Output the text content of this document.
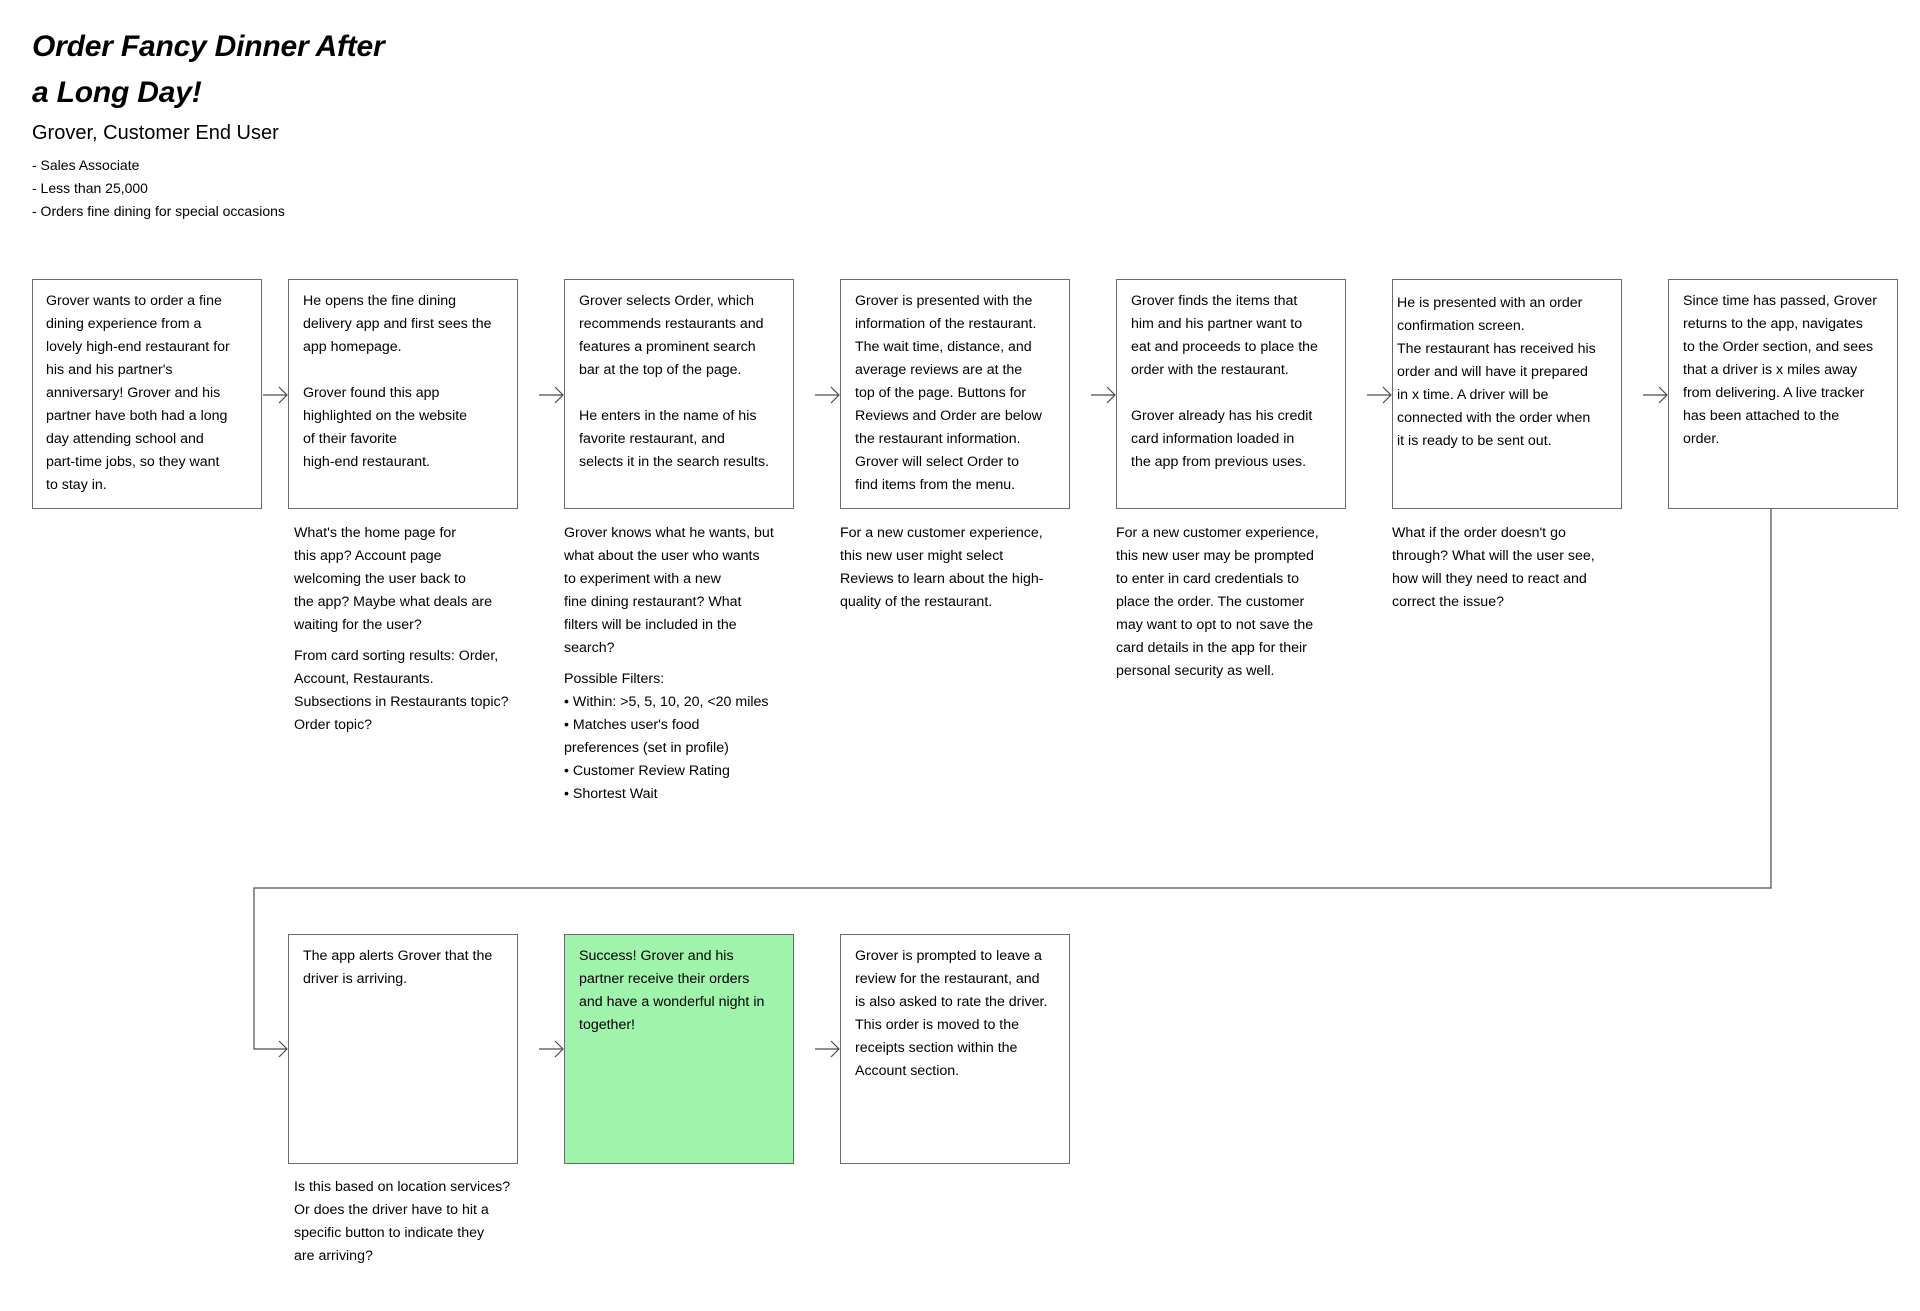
Order Fancy Dinner After
a Long Day!
Grover, Customer End User
- Sales Associate
- Less than 25,000
- Orders fine dining for special occasions
Grover wants to order a fine
dining experience from a
lovely high-end restaurant for
his and his partner's
anniversary! Grover and his
partner have both had a long
day attending school and
part-time jobs, so they want
to stay in.
He opens the fine dining
delivery app and first sees the
app homepage.

Grover found this app
highlighted on the website
of their favorite
high-end restaurant.
Grover selects Order, which
recommends restaurants and
features a prominent search
bar at the top of the page.

He enters in the name of his
favorite restaurant, and
selects it in the search results.
Grover is presented with the
information of the restaurant.
The wait time, distance, and
average reviews are at the
top of the page. Buttons for
Reviews and Order are below
the restaurant information.
Grover will select Order to
find items from the menu.
Grover finds the items that
him and his partner want to
eat and proceeds to place the
order with the restaurant.

Grover already has his credit
card information loaded in
the app from previous uses.
He is presented with an order
confirmation screen.
The restaurant has received his
order and will have it prepared
in x time. A driver will be
connected with the order when
it is ready to be sent out.
Since time has passed, Grover
returns to the app, navigates
to the Order section, and sees
that a driver is x miles away
from delivering. A live tracker
has been attached to the
order.
The app alerts Grover that the
driver is arriving.
Success! Grover and his
partner receive their orders
and have a wonderful night in
together!
Grover is prompted to leave a
review for the restaurant, and
is also asked to rate the driver.
This order is moved to the
receipts section within the
Account section.

What's the home page for
this app? Account page
welcoming the user back to
the app? Maybe what deals are
waiting for the user?

From card sorting results: Order,
Account, Restaurants.
Subsections in Restaurants topic?
Order topic?

Grover knows what he wants, but
what about the user who wants
to experiment with a new
fine dining restaurant? What
filters will be included in the
search?

Possible Filters:

• Within: >5, 5, 10, 20, <20 miles
• Matches user's food
preferences (set in profile)
• Customer Review Rating
• Shortest Wait

For a new customer experience,
this new user might select
Reviews to learn about the high-
quality of the restaurant.

For a new customer experience,
this new user may be prompted
to enter in card credentials to
place the order. The customer
may want to opt to not save the
card details in the app for their
personal security as well.

What if the order doesn't go
through? What will the user see,
how will they need to react and
correct the issue?

Is this based on location services?
Or does the driver have to hit a
specific button to indicate they
are arriving?
